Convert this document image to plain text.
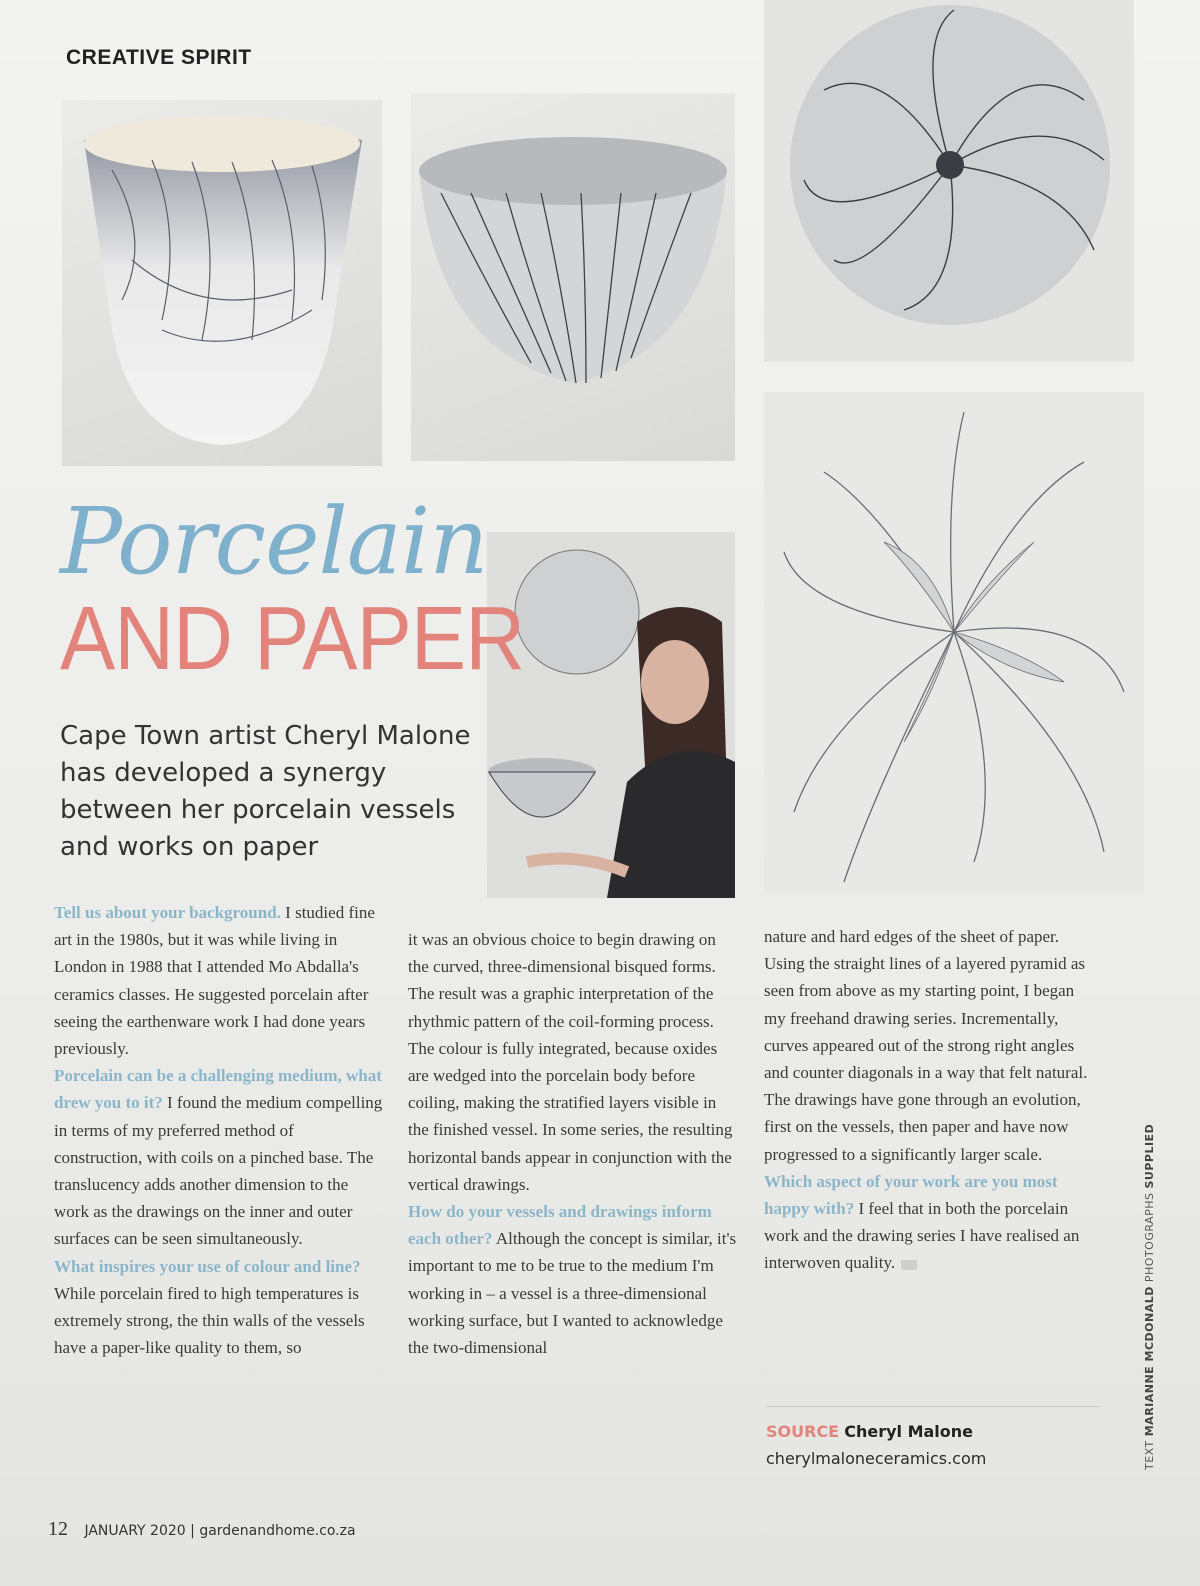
CREATIVE SPIRIT
Porcelain
AND PAPER
Cape Town artist Cheryl Malone has developed a synergy between her porcelain vessels and works on paper

Tell us about your background. I studied fine art in the 1980s, but it was while living in London in 1988 that I attended Mo Abdalla's ceramics classes. He suggested porcelain after seeing the earthenware work I had done years previously.

Porcelain can be a challenging medium, what drew you to it? I found the medium compelling in terms of my preferred method of construction, with coils on a pinched base. The translucency adds another dimension to the work as the drawings on the inner and outer surfaces can be seen simultaneously.

What inspires your use of colour and line? While porcelain fired to high temperatures is extremely strong, the thin walls of the vessels have a paper-like quality to them, so

it was an obvious choice to begin drawing on the curved, three-dimensional bisqued forms. The result was a graphic interpretation of the rhythmic pattern of the coil-forming process. The colour is fully integrated, because oxides are wedged into the porcelain body before coiling, making the stratified layers visible in the finished vessel. In some series, the resulting horizontal bands appear in conjunction with the vertical drawings.

How do your vessels and drawings inform each other? Although the concept is similar, it's important to me to be true to the medium I'm working in – a vessel is a three-dimensional working surface, but I wanted to acknowledge the two-dimensional

nature and hard edges of the sheet of paper. Using the straight lines of a layered pyramid as seen from above as my starting point, I began my freehand drawing series. Incrementally, curves appeared out of the strong right angles and counter diagonals in a way that felt natural. The drawings have gone through an evolution, first on the vessels, then paper and have now progressed to a significantly larger scale.

Which aspect of your work are you most happy with? I feel that in both the porcelain work and the drawing series I have realised an interwoven quality.

SOURCE Cheryl Malone
cherylmaloneceramics.com	TEXT MARIANNE MCDONALD PHOTOGRAPHS SUPPLIED
12 JANUARY 2020 | gardenandhome.co.za
